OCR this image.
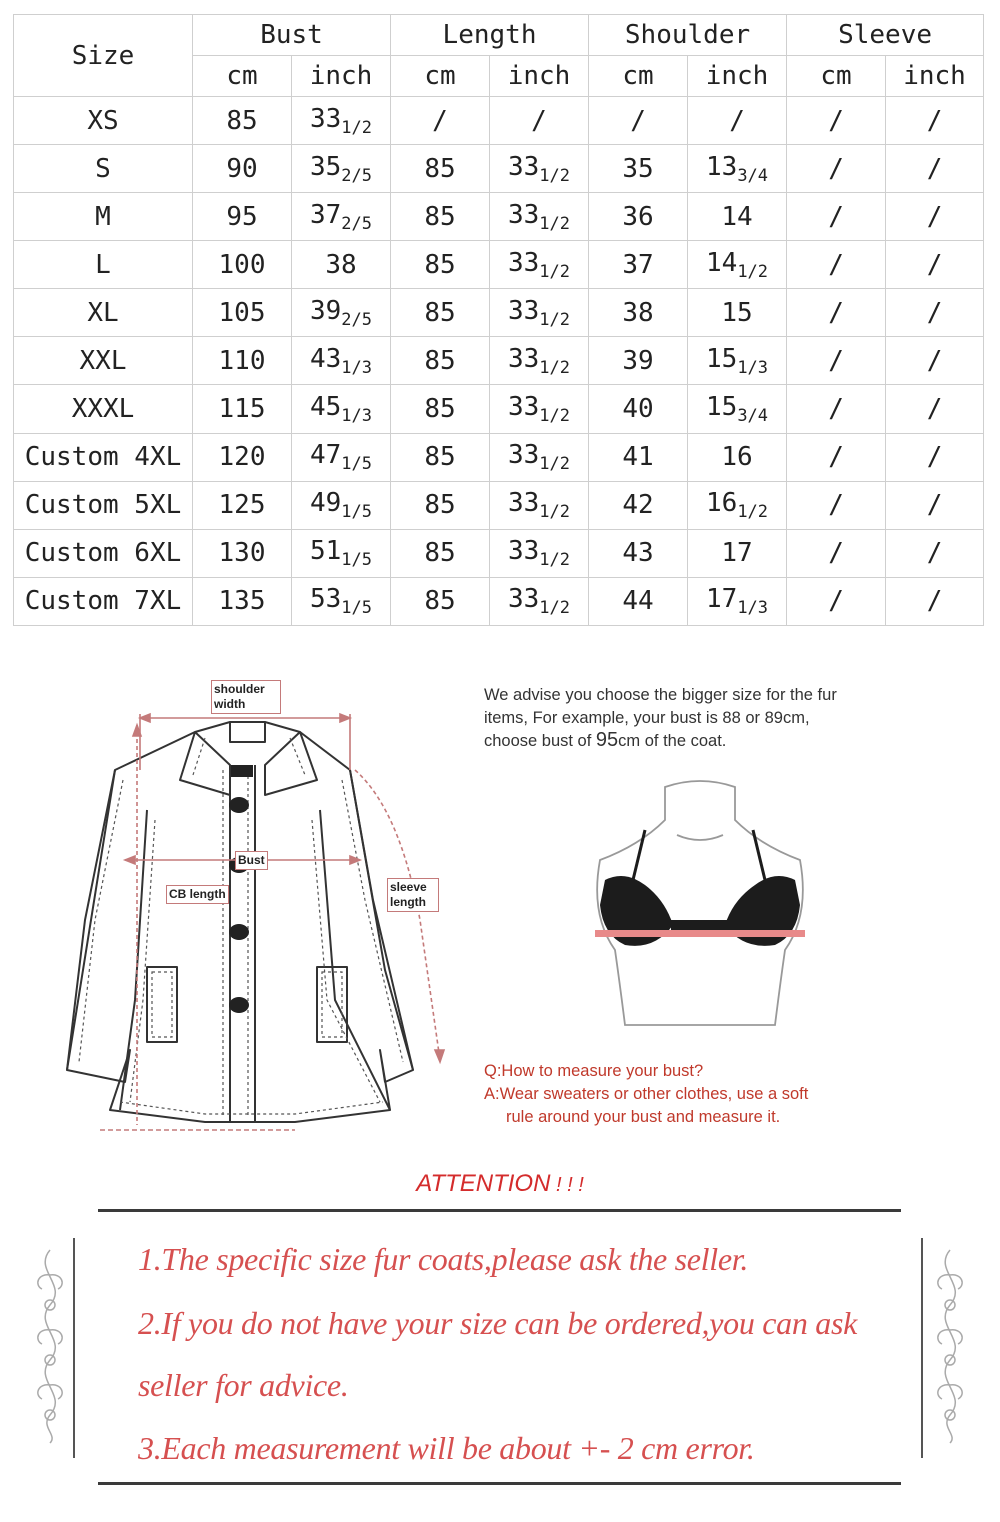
Size	Bust		Length		Shoulder		Sleeve	
	cm	inch	cm	inch	cm	inch	cm	inch
XS	85	$33_{1/2}$	/	/	/	/	/	/
S	90	$35_{2/5}$	85	$33_{1/2}$	35	$13_{3/4}$	/	/
M	95	$37_{2/5}$	85	$33_{1/2}$	36	14	/	/
L	100	38	85	$33_{1/2}$	37	$14_{1/2}$	/	/
XL	105	$39_{2/5}$	85	$33_{1/2}$	38	15	/	/
XXL	110	$43_{1/3}$	85	$33_{1/2}$	39	$15_{1/3}$	/	/
XXXL	115	$45_{1/3}$	85	$33_{1/2}$	40	$15_{3/4}$	/	/
Custom 4XL	120	$47_{1/5}$	85	$33_{1/2}$	41	16	/	/
Custom 5XL	125	$49_{1/5}$	85	$33_{1/2}$	42	$16_{1/2}$	/	/
Custom 6XL	130	$51_{1/5}$	85	$33_{1/2}$	43	17	/	/
Custom 7XL	135	$53_{1/5}$	85	$33_{1/2}$	44	$17_{1/3}$	/	/
shoulder
width
Bust
CB length	sleeve
length
We advise you choose the bigger size for the fur
items, For example, your bust is 88 or 89cm,
choose bust of 95cm of the coat.
Q:How to measure your bust?
A:Wear sweaters or other clothes, use a soft
rule around your bust and measure it.
ATTENTION ! ! !
1.The specific size fur coats,please ask the seller.
2.If you do not have your size can be ordered,you can ask
seller for advice.
3.Each measurement will be about +- 2 cm error.
